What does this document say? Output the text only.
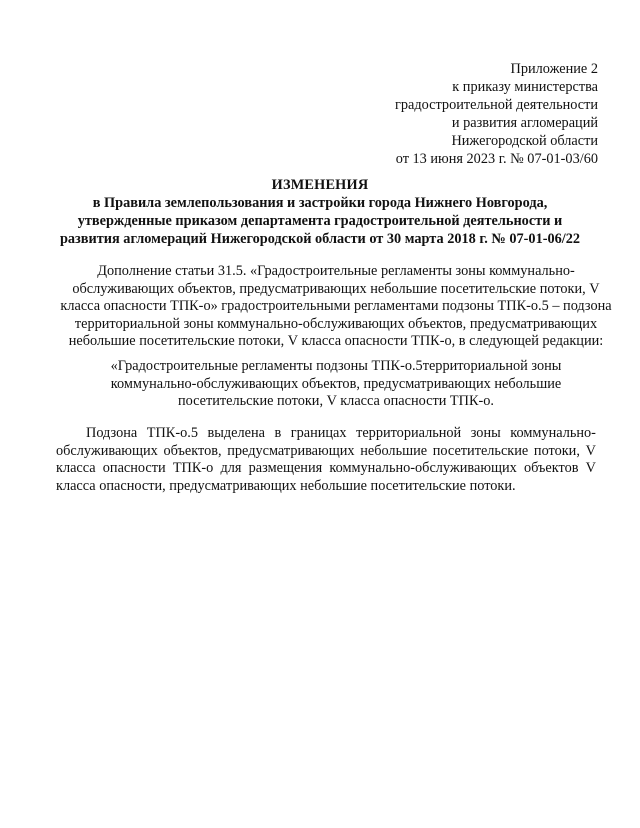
Приложение 2
к приказу министерства
градостроительной деятельности
и развития агломераций
Нижегородской области
от 13 июня 2023 г. № 07-01-03/60
ИЗМЕНЕНИЯ
в Правила землепользования и застройки города Нижнего Новгорода,
утвержденные приказом департамента градостроительной деятельности и
развития агломераций Нижегородской области от 30 марта 2018 г. № 07-01-06/22
Дополнение статьи 31.5. «Градостроительные регламенты зоны коммунально-
обслуживающих объектов, предусматривающих небольшие посетительские потоки, V
класса опасности ТПК-о» градостроительными регламентами подзоны ТПК-о.5 – подзона
территориальной зоны коммунально-обслуживающих объектов, предусматривающих
небольшие посетительские потоки, V класса опасности ТПК-о, в следующей редакции:
«Градостроительные регламенты подзоны ТПК-о.5территориальной зоны
коммунально-обслуживающих объектов, предусматривающих небольшие
посетительские потоки, V класса опасности ТПК-о.
Подзона ТПК-о.5 выделена в границах территориальной зоны коммунально-
обслуживающих объектов, предусматривающих небольшие посетительские потоки, V
класса опасности ТПК-о для размещения коммунально-обслуживающих объектов V
класса опасности, предусматривающих небольшие посетительские потоки.
